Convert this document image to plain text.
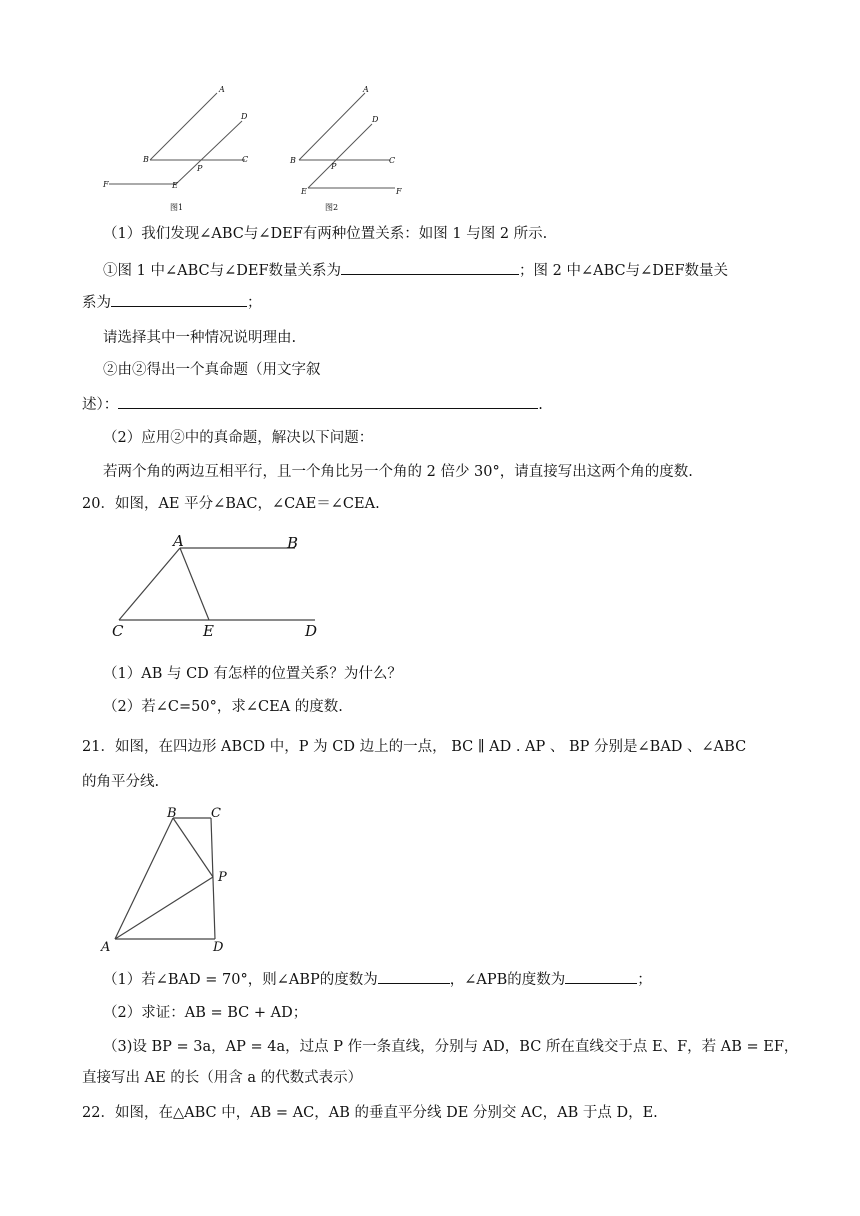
A
D
B
P
C
F	E
图1
A
D
B
P
C
E	F
图2
（1）我们发现∠ABC与∠DEF有两种位置关系：如图 1 与图 2 所示.
①图 1 中∠ABC与∠DEF数量关系为	；图 2 中∠ABC与∠DEF数量关
系为	；
请选择其中一种情况说明理由.
②由②得出一个真命题（用文字叙
述）：	.
（2）应用②中的真命题，解决以下问题：
若两个角的两边互相平行，且一个角比另一个角的 2 倍少 30°，请直接写出这两个角的度数.
20．如图，AE 平分∠BAC，∠CAE＝∠CEA.
A	B
C	E	D
（1）AB 与 CD 有怎样的位置关系？为什么？
（2）若∠C=50°，求∠CEA 的度数.
21．如图，在四边形 ABCD 中，P 为 CD 边上的一点， BC ∥ AD . AP 、 BP 分别是∠BAD 、∠ABC
的角平分线.
B	C
P
A	D
（1）若∠BAD = 70°，则∠ABP的度数为	，∠APB的度数为	；
（2）求证：AB = BC + AD；
（3)设 BP = 3a，AP = 4a，过点 P 作一条直线，分别与 AD，BC 所在直线交于点 E、F，若 AB = EF，
直接写出 AE 的长（用含 a 的代数式表示）
22．如图，在△ABC 中，AB = AC，AB 的垂直平分线 DE 分别交 AC，AB 于点 D，E.
